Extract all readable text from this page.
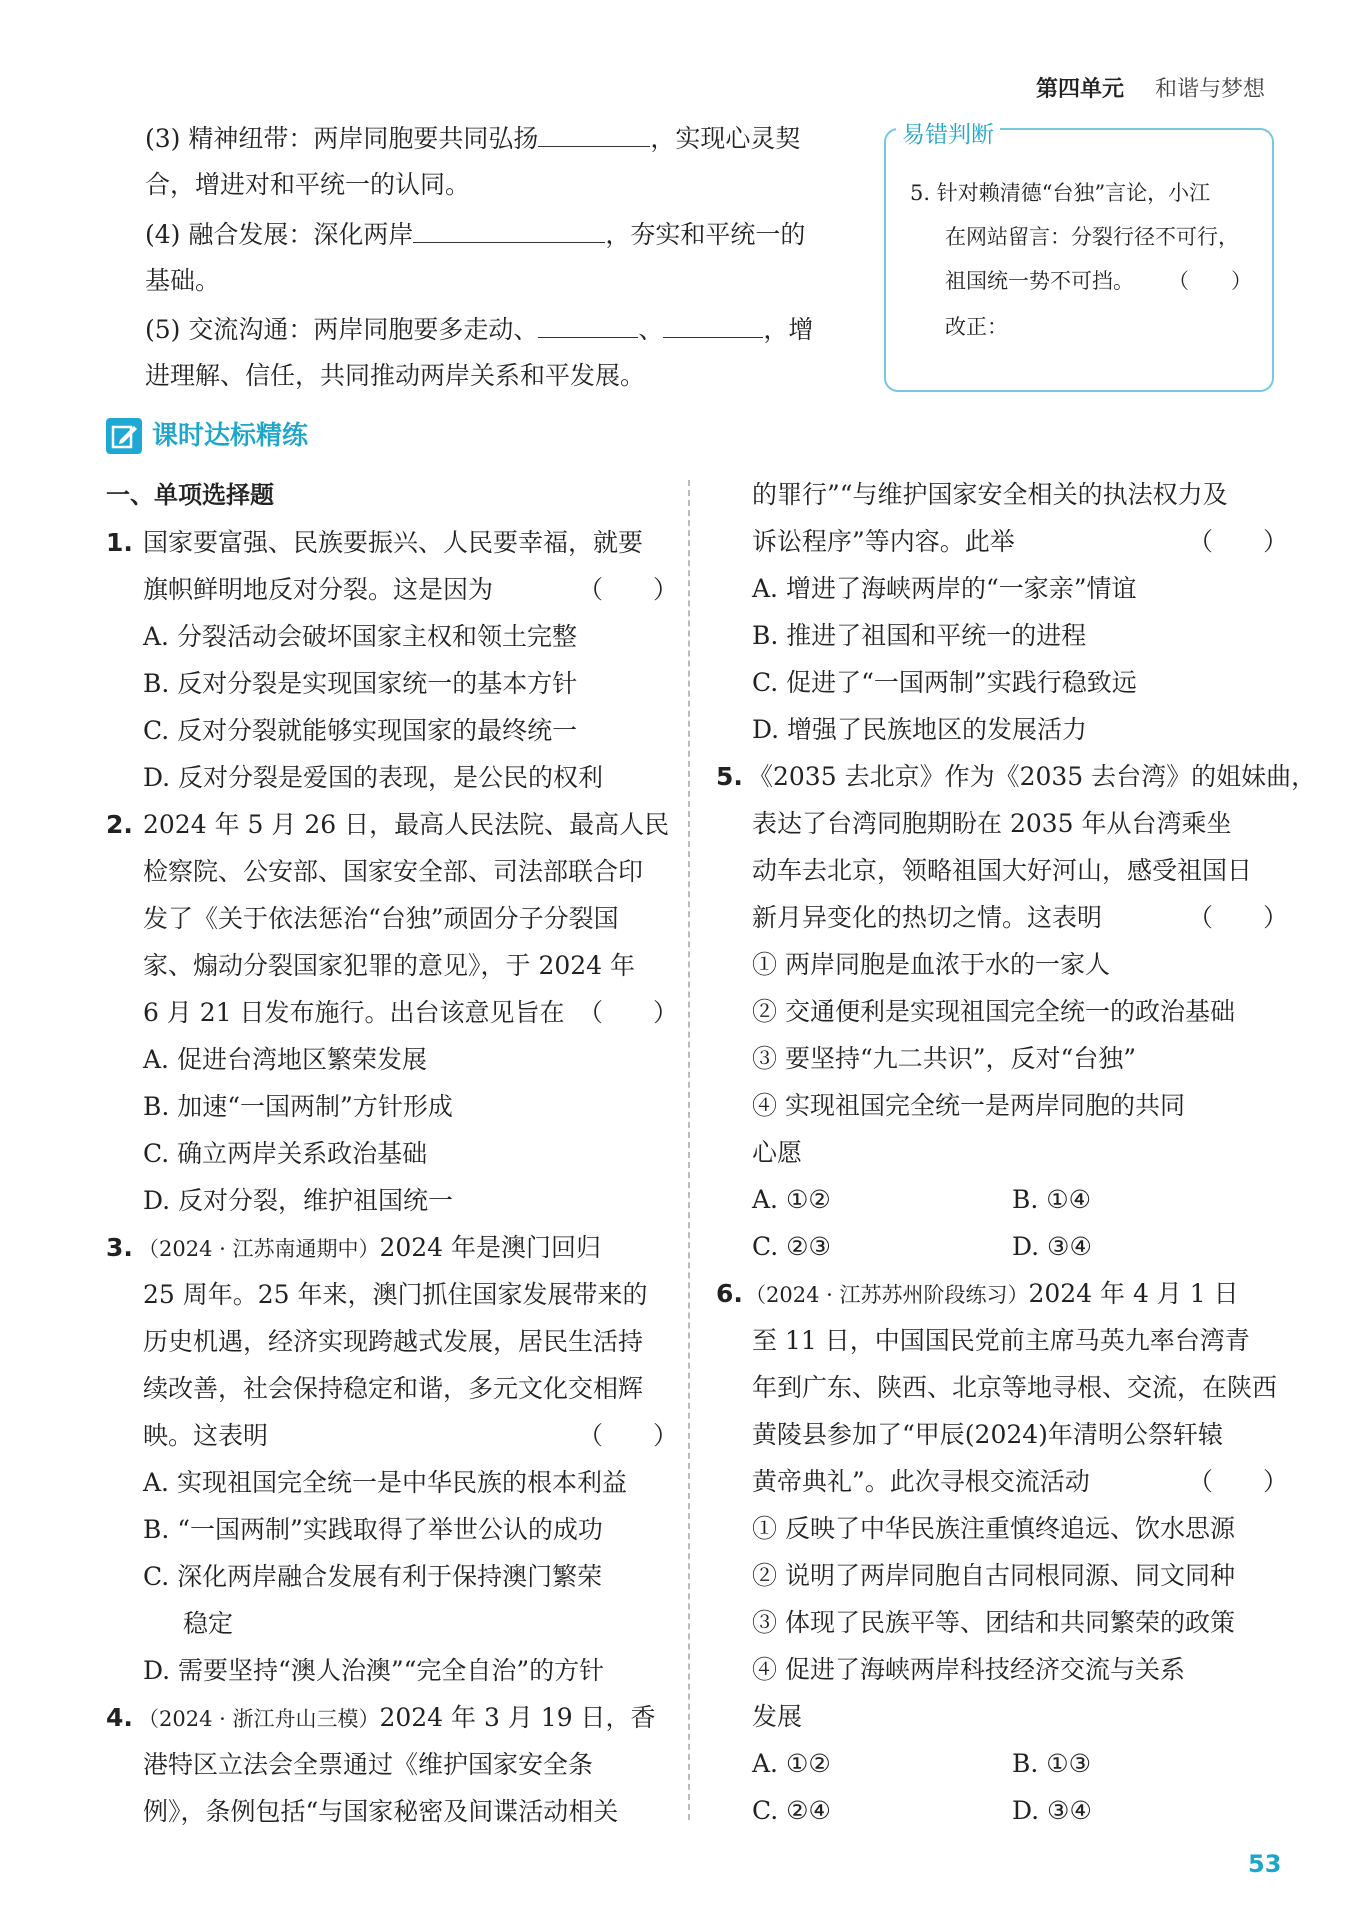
第四单元 和谐与梦想
(3) 精神纽带：两岸同胞要共同弘扬	，实现心灵契
合，增进对和平统一的认同。
(4) 融合发展：深化两岸	，夯实和平统一的
基础。
(5) 交流沟通：两岸同胞要多走动、	、	，增
进理解、信任，共同推动两岸关系和平发展。
易错判断
5. 针对赖清德“台独”言论，小江
在网站留言：分裂行径不可行，
祖国统一势不可挡。 （　　）
改正：
课时达标精练
一、单项选择题
1. 国家要富强、民族要振兴、人民要幸福，就要
旗帜鲜明地反对分裂。这是因为	（　　）
A. 分裂活动会破坏国家主权和领土完整
B. 反对分裂是实现国家统一的基本方针
C. 反对分裂就能够实现国家的最终统一
D. 反对分裂是爱国的表现，是公民的权利
2. 2024 年 5 月 26 日，最高人民法院、最高人民
检察院、公安部、国家安全部、司法部联合印
发了《关于依法惩治“台独”顽固分子分裂国
家、煽动分裂国家犯罪的意见》，于 2024 年
6 月 21 日发布施行。出台该意见旨在 （　　）
A. 促进台湾地区繁荣发展
B. 加速“一国两制”方针形成
C. 确立两岸关系政治基础
D. 反对分裂，维护祖国统一
3. （2024 · 江苏南通期中）2024 年是澳门回归
25 周年。25 年来，澳门抓住国家发展带来的
历史机遇，经济实现跨越式发展，居民生活持
续改善，社会保持稳定和谐，多元文化交相辉
映。这表明	（　　）
A. 实现祖国完全统一是中华民族的根本利益
B. “一国两制”实践取得了举世公认的成功
C. 深化两岸融合发展有利于保持澳门繁荣
稳定
D. 需要坚持“澳人治澳”“完全自治”的方针
4. （2024 · 浙江舟山三模）2024 年 3 月 19 日，香
港特区立法会全票通过《维护国家安全条
例》，条例包括“与国家秘密及间谍活动相关
的罪行”“与维护国家安全相关的执法权力及
诉讼程序”等内容。此举	（　　）
A. 增进了海峡两岸的“一家亲”情谊
B. 推进了祖国和平统一的进程
C. 促进了“一国两制”实践行稳致远
D. 增强了民族地区的发展活力
5. 《2035 去北京》作为《2035 去台湾》的姐妹曲，
表达了台湾同胞期盼在 2035 年从台湾乘坐
动车去北京，领略祖国大好河山，感受祖国日
新月异变化的热切之情。这表明	（　　）
① 两岸同胞是血浓于水的一家人
② 交通便利是实现祖国完全统一的政治基础
③ 要坚持“九二共识”，反对“台独”
④ 实现祖国完全统一是两岸同胞的共同
心愿
A. ①②	B. ①④
C. ②③	D. ③④
6. （2024 · 江苏苏州阶段练习）2024 年 4 月 1 日
至 11 日，中国国民党前主席马英九率台湾青
年到广东、陕西、北京等地寻根、交流，在陕西
黄陵县参加了“甲辰(2024)年清明公祭轩辕
黄帝典礼”。此次寻根交流活动	（　　）
① 反映了中华民族注重慎终追远、饮水思源
② 说明了两岸同胞自古同根同源、同文同种
③ 体现了民族平等、团结和共同繁荣的政策
④ 促进了海峡两岸科技经济交流与关系
发展
A. ①②	B. ①③
C. ②④	D. ③④
53
